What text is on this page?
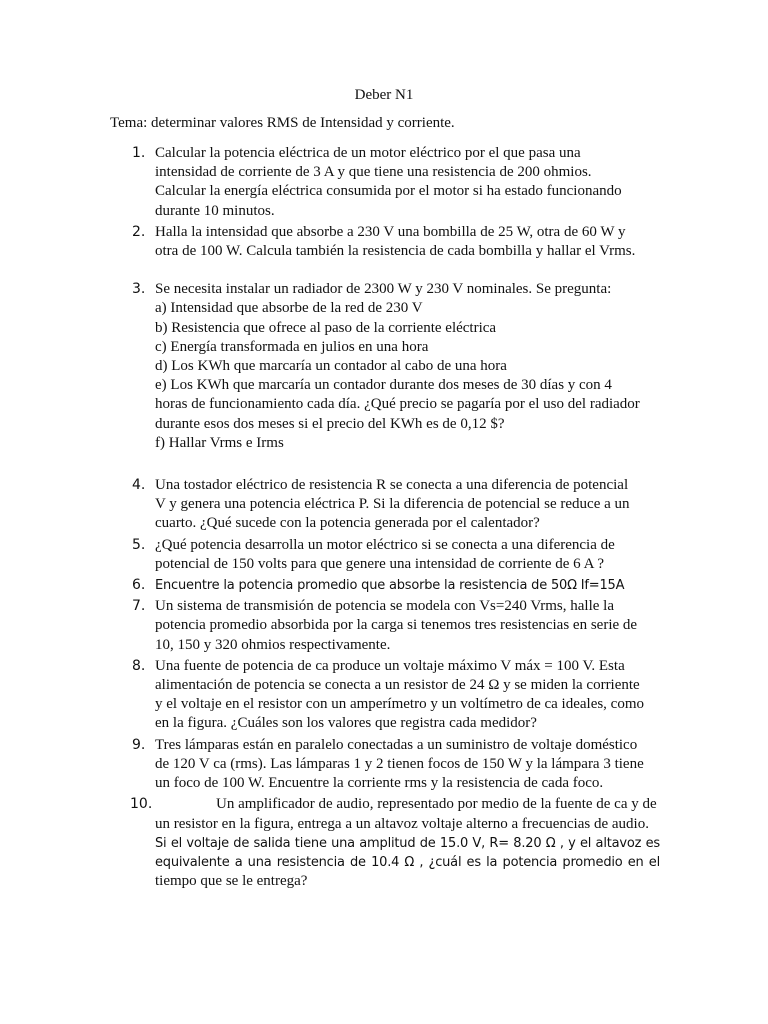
Deber N1
Tema: determinar valores RMS de Intensidad y corriente.
1. Calcular la potencia eléctrica de un motor eléctrico por el que pasa una
intensidad de corriente de 3 A y que tiene una resistencia de 200 ohmios.
Calcular la energía eléctrica consumida por el motor si ha estado funcionando
durante 10 minutos.
2. Halla la intensidad que absorbe a 230 V una bombilla de 25 W, otra de 60 W y
otra de 100 W. Calcula también la resistencia de cada bombilla y hallar el Vrms.
3. Se necesita instalar un radiador de 2300 W y 230 V nominales. Se pregunta:
a) Intensidad que absorbe de la red de 230 V
b) Resistencia que ofrece al paso de la corriente eléctrica
c) Energía transformada en julios en una hora
d) Los KWh que marcaría un contador al cabo de una hora
e) Los KWh que marcaría un contador durante dos meses de 30 días y con 4
horas de funcionamiento cada día. ¿Qué precio se pagaría por el uso del radiador
durante esos dos meses si el precio del KWh es de 0,12 $?
f) Hallar Vrms e Irms
4. Una tostador eléctrico de resistencia R se conecta a una diferencia de potencial
V y genera una potencia eléctrica P. Si la diferencia de potencial se reduce a un
cuarto. ¿Qué sucede con la potencia generada por el calentador?
5. ¿Qué potencia desarrolla un motor eléctrico si se conecta a una diferencia de
potencial de 150 volts para que genere una intensidad de corriente de 6 A ?
6. Encuentre la potencia promedio que absorbe la resistencia de 50Ω If=15A
7. Un sistema de transmisión de potencia se modela con Vs=240 Vrms, halle la
potencia promedio absorbida por la carga si tenemos tres resistencias en serie de
10, 150 y 320 ohmios respectivamente.
8. Una fuente de potencia de ca produce un voltaje máximo V máx = 100 V. Esta
alimentación de potencia se conecta a un resistor de 24 Ω y se miden la corriente
y el voltaje en el resistor con un amperímetro y un voltímetro de ca ideales, como
en la figura. ¿Cuáles son los valores que registra cada medidor?
9. Tres lámparas están en paralelo conectadas a un suministro de voltaje doméstico
de 120 V ca (rms). Las lámparas 1 y 2 tienen focos de 150 W y la lámpara 3 tiene
un foco de 100 W. Encuentre la corriente rms y la resistencia de cada foco.
10.	Un amplificador de audio, representado por medio de la fuente de ca y de
un resistor en la figura, entrega a un altavoz voltaje alterno a frecuencias de audio.
Si el voltaje de salida tiene una amplitud de 15.0 V, R= 8.20 Ω , y el altavoz es
equivalente a una resistencia de 10.4 Ω , ¿cuál es la potencia promedio en el
tiempo que se le entrega?
